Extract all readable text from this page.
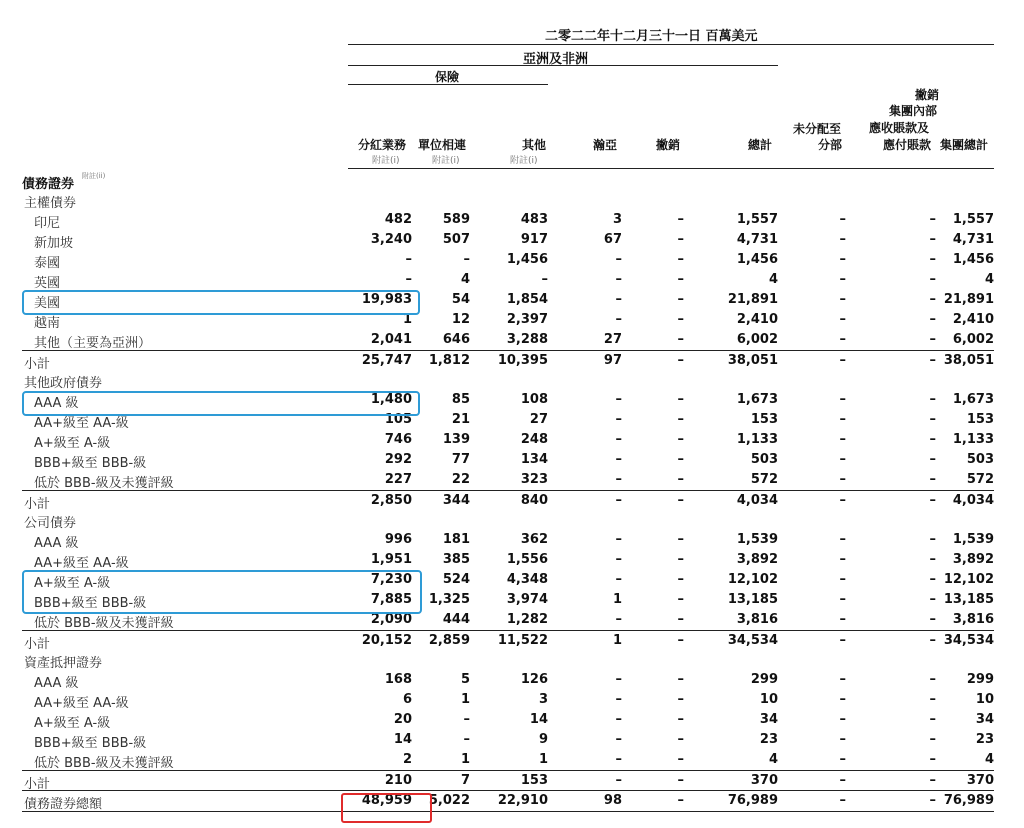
二零二二年十二月三十一日 百萬美元
亞洲及非洲
保險
分紅業務
附註(i)
單位相連
附註(i)
其他
附註(i)
瀚亞	撇銷	總計
未分配至
分部
撇銷
集團內部
應收賬款及
應付賬款 集團總計
債務證券
附註(ii)
主權債券
印尼	482	589	483	3	–	1,557	–	–	1,557
新加坡	3,240	507	917	67	–	4,731	–	–	4,731
泰國	–	–	1,456	–	–	1,456	–	–	1,456
英國	–	4	–	–	–	4	–	–	4
美國	19,983	54	1,854	–	–	21,891	–	– 21,891
越南	1	12	2,397	–	–	2,410	–	–	2,410
其他（主要為亞洲）	2,041	646	3,288	27	–	6,002	–	–	6,002
小計	25,747	1,812	10,395	97	–	38,051	–	– 38,051
其他政府債券
AAA 級	1,480	85	108	–	–	1,673	–	–	1,673
AA+級至 AA-級	105	21	27	–	–	153	–	–	153
A+級至 A-級	746	139	248	–	–	1,133	–	–	1,133
BBB+級至 BBB-級	292	77	134	–	–	503	–	–	503
低於 BBB-級及未獲評級	227	22	323	–	–	572	–	–	572
小計	2,850	344	840	–	–	4,034	–	–	4,034
公司債券
AAA 級	996	181	362	–	–	1,539	–	–	1,539
AA+級至 AA-級	1,951	385	1,556	–	–	3,892	–	–	3,892
A+級至 A-級	7,230	524	4,348	–	–	12,102	–	– 12,102
BBB+級至 BBB-級	7,885	1,325	3,974	1	–	13,185	–	– 13,185
低於 BBB-級及未獲評級	2,090	444	1,282	–	–	3,816	–	–	3,816
小計	20,152	2,859	11,522	1	–	34,534	–	– 34,534
資產抵押證券
AAA 級	168	5	126	–	–	299	–	–	299
AA+級至 AA-級	6	1	3	–	–	10	–	–	10
A+級至 A-級	20	–	14	–	–	34	–	–	34
BBB+級至 BBB-級	14	–	9	–	–	23	–	–	23
低於 BBB-級及未獲評級	2	1	1	–	–	4	–	–	4
小計	210	7	153	–	–	370	–	–	370
債務證券總額	48,959	5,022	22,910	98	–	76,989	–	– 76,989
